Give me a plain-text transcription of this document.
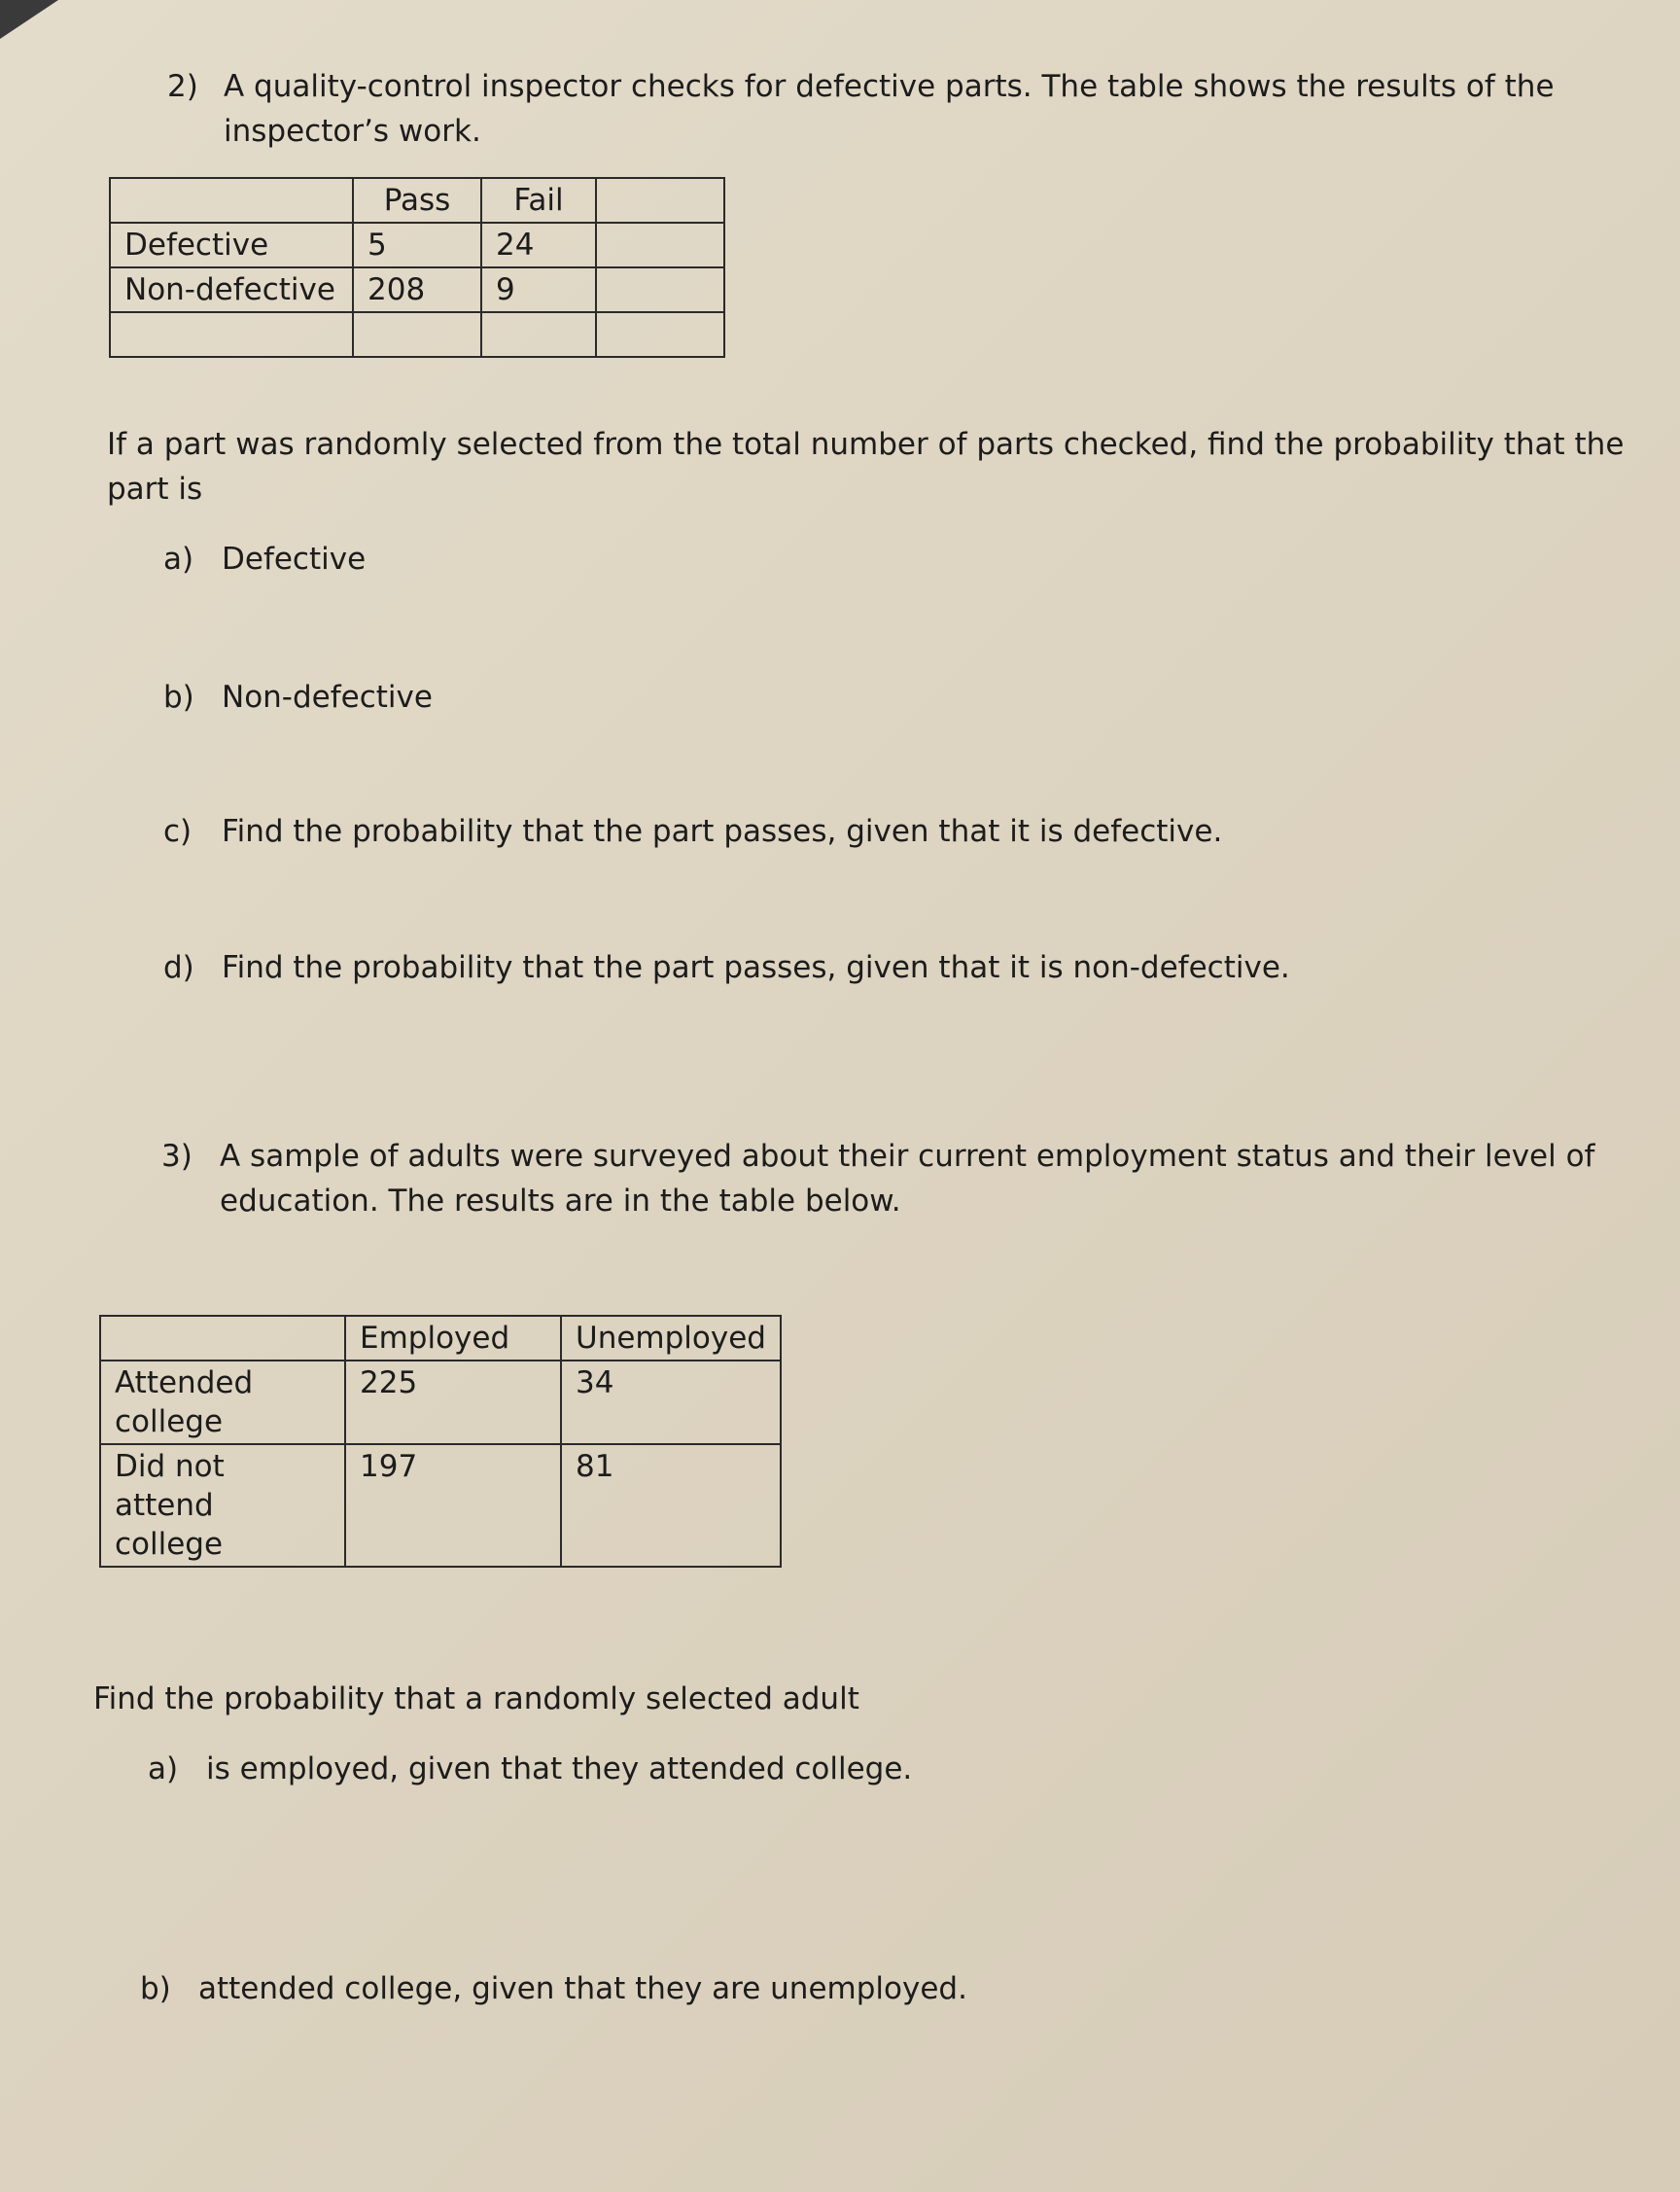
2) A quality-control inspector checks for defective parts. The table shows the results of the
inspector’s work.
	Pass	Fail	
Defective	5	24	
Non-defective	208	9	

If a part was randomly selected from the total number of parts checked, find the probability that the
part is
a) Defective
b) Non-defective
c) Find the probability that the part passes, given that it is defective.
d) Find the probability that the part passes, given that it is non-defective.
3) A sample of adults were surveyed about their current employment status and their level of
education. The results are in the table below.
	Employed	Unemployed
Attended college	225	34
Did not attend college	197	81
Find the probability that a randomly selected adult
a) is employed, given that they attended college.
b) attended college, given that they are unemployed.
